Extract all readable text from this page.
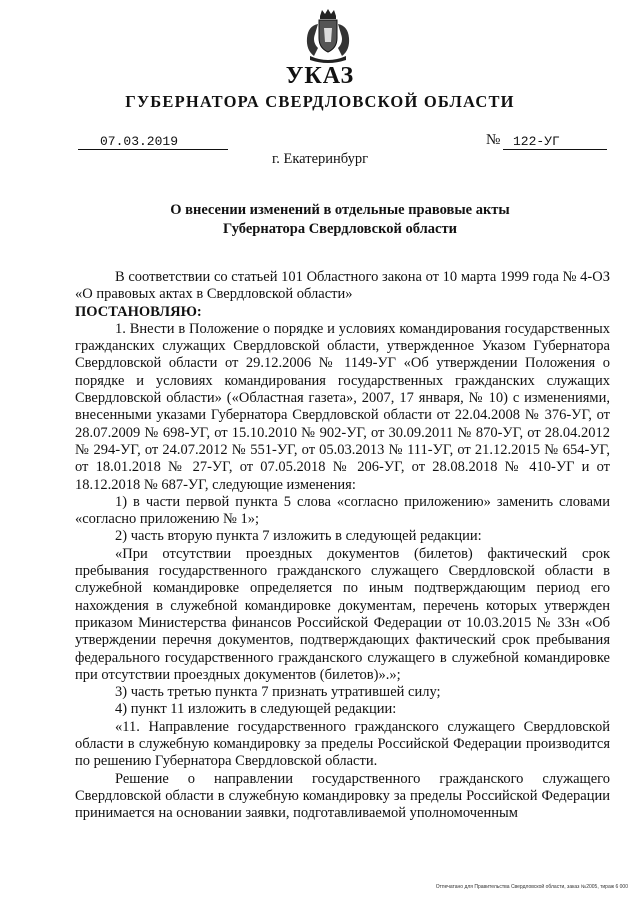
УКАЗ
ГУБЕРНАТОРА СВЕРДЛОВСКОЙ ОБЛАСТИ
07.03.2019	№ 122-УГ
г. Екатеринбург
О внесении изменений в отдельные правовые акты
Губернатора Свердловской области

В соответствии со статьей 101 Областного закона от 10 марта 1999 года № 4-ОЗ «О правовых актах в Свердловской области»

ПОСТАНОВЛЯЮ:

1. Внести в Положение о порядке и условиях командирования государственных гражданских служащих Свердловской области, утвержденное Указом Губернатора Свердловской области от 29.12.2006 № 1149-УГ «Об утверждении Положения о порядке и условиях командирования государственных гражданских служащих Свердловской области» («Областная газета», 2007, 17 января, № 10) с изменениями, внесенными указами Губернатора Свердловской области от 22.04.2008 № 376-УГ, от 28.07.2009 № 698-УГ, от 15.10.2010 № 902-УГ, от 30.09.2011 № 870-УГ, от 28.04.2012 № 294-УГ, от 24.07.2012 № 551-УГ, от 05.03.2013 № 111-УГ, от 21.12.2015 № 654-УГ, от 18.01.2018 № 27-УГ, от 07.05.2018 № 206-УГ, от 28.08.2018 № 410-УГ и от 18.12.2018 № 687-УГ, следующие изменения:

1) в части первой пункта 5 слова «согласно приложению» заменить словами «согласно приложению № 1»;

2) часть вторую пункта 7 изложить в следующей редакции:

«При отсутствии проездных документов (билетов) фактический срок пребывания государственного гражданского служащего Свердловской области в служебной командировке определяется по иным подтверждающим период его нахождения в служебной командировке документам, перечень которых утвержден приказом Министерства финансов Российской Федерации от 10.03.2015 № 33н «Об утверждении перечня документов, подтверждающих фактический срок пребывания федерального государственного гражданского служащего в служебной командировке при отсутствии проездных документов (билетов)».»;

3) часть третью пункта 7 признать утратившей силу;

4) пункт 11 изложить в следующей редакции:

«11. Направление государственного гражданского служащего Свердловской области в служебную командировку за пределы Российской Федерации производится по решению Губернатора Свердловской области.

Решение о направлении государственного гражданского служащего Свердловской области в служебную командировку за пределы Российской Федерации принимается на основании заявки, подготавливаемой уполномоченным

Отпечатано для Правительства Свердловской области, заказ №2005, тираж 6 000
